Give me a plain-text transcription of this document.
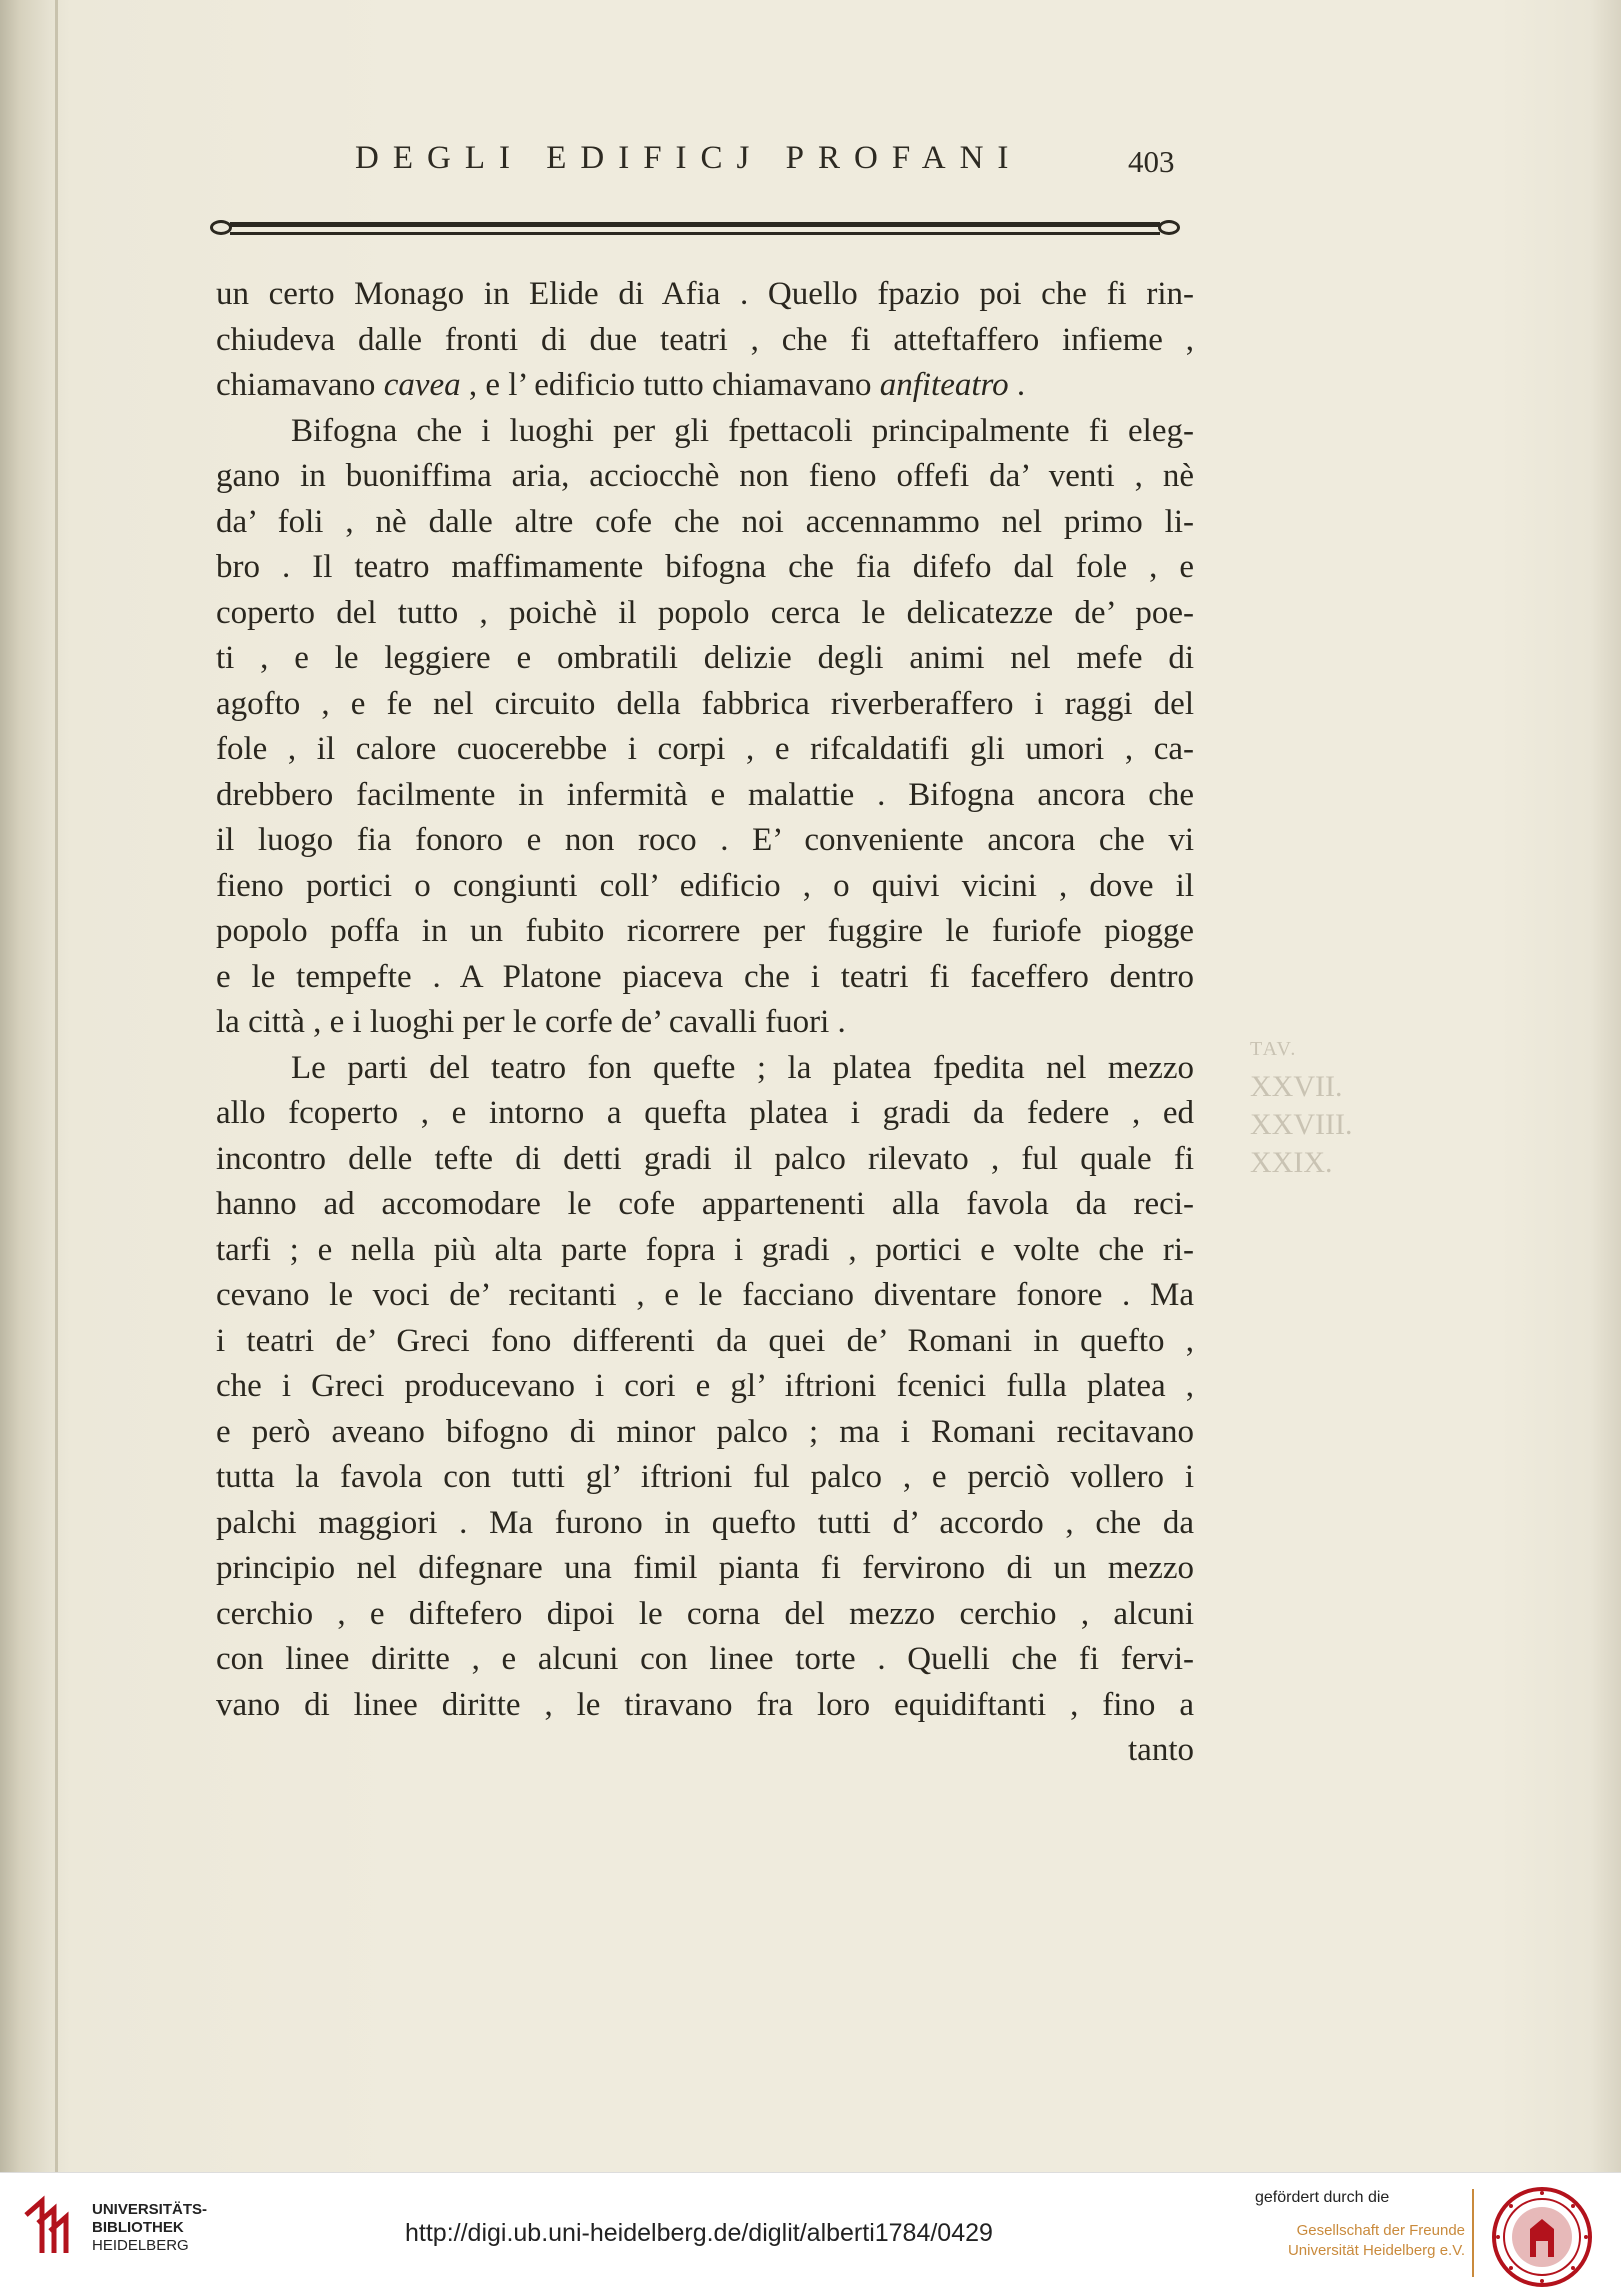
DEGLI EDIFICJ PROFANI	403
un certo Monago in Elide di Afia . Quello fpazio poi che fi rin-
chiudeva dalle fronti di due teatri , che fi atteftaffero infieme ,
chiamavano cavea , e l’ edificio tutto chiamavano anfiteatro .
Bifogna che i luoghi per gli fpettacoli principalmente fi eleg-
gano in buoniffima aria, acciocchè non fieno offefi da’ venti , nè
da’ foli , nè dalle altre cofe che noi accennammo nel primo li-
bro . Il teatro maffimamente bifogna che fia difefo dal fole , e
coperto del tutto , poichè il popolo cerca le delicatezze de’ poe-
ti , e le leggiere e ombratili delizie degli animi nel mefe di
agofto , e fe nel circuito della fabbrica riverberaffero i raggi del
fole , il calore cuocerebbe i corpi , e rifcaldatifi gli umori , ca-
drebbero facilmente in infermità e malattie . Bifogna ancora che
il luogo fia fonoro e non roco . E’ conveniente ancora che vi
fieno portici o congiunti coll’ edificio , o quivi vicini , dove il
popolo poffa in un fubito ricorrere per fuggire le furiofe piogge
e le tempefte . A Platone piaceva che i teatri fi faceffero dentro
la città , e i luoghi per le corfe de’ cavalli fuori .
Le parti del teatro fon quefte ; la platea fpedita nel mezzo
allo fcoperto , e intorno a quefta platea i gradi da federe , ed
incontro delle tefte di detti gradi il palco rilevato , ful quale fi
hanno ad accomodare le cofe appartenenti alla favola da reci-
tarfi ; e nella più alta parte fopra i gradi , portici e volte che ri-
cevano le voci de’ recitanti , e le facciano diventare fonore . Ma
i teatri de’ Greci fono differenti da quei de’ Romani in quefto ,
che i Greci producevano i cori e gl’ iftrioni fcenici fulla platea ,
e però aveano bifogno di minor palco ; ma i Romani recitavano
tutta la favola con tutti gl’ iftrioni ful palco , e perciò vollero i
palchi maggiori . Ma furono in quefto tutti d’ accordo , che da
principio nel difegnare una fimil pianta fi fervirono di un mezzo
cerchio , e diftefero dipoi le corna del mezzo cerchio , alcuni
con linee diritte , e alcuni con linee torte . Quelli che fi fervi-
vano di linee diritte , le tiravano fra loro equidiftanti , fino a
tanto
TAV.
XXVII.
XXVIII.
XXIX.
UNIVERSITÄTS-
BIBLIOTHEK
HEIDELBERG	http://digi.ub.uni-heidelberg.de/diglit/alberti1784/0429
gefördert durch die
Gesellschaft der Freunde
Universität Heidelberg e.V.
